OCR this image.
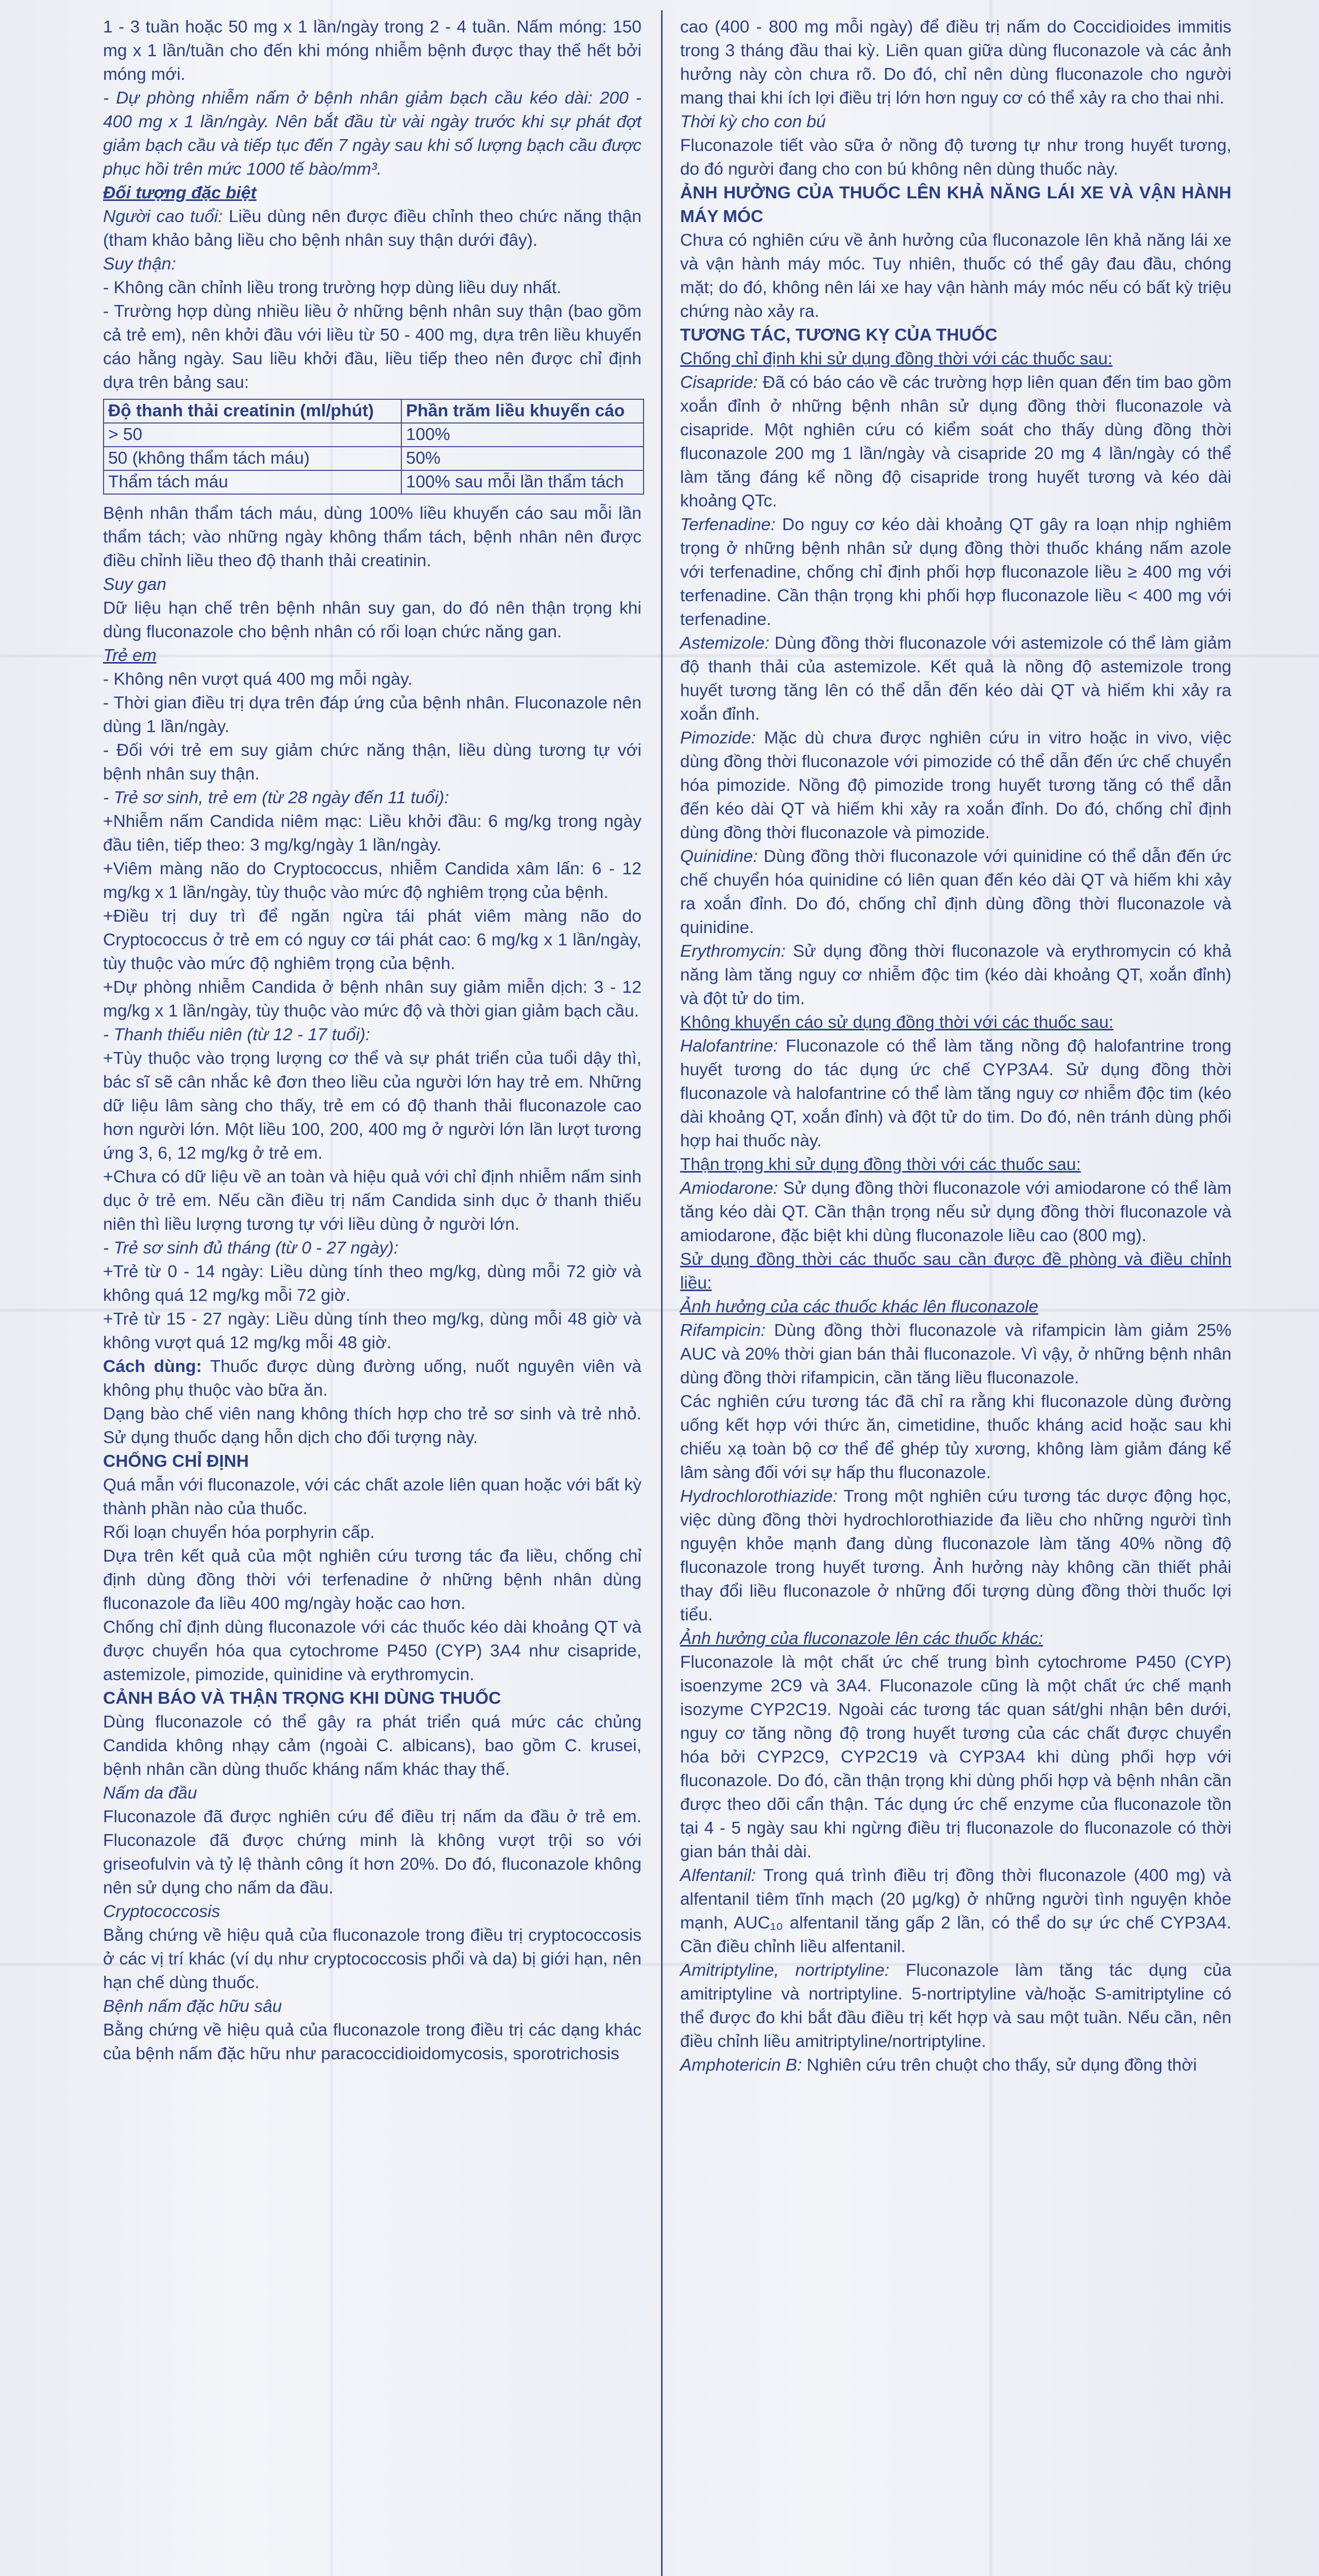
1 - 3 tuần hoặc 50 mg x 1 lần/ngày trong 2 - 4 tuần. Nấm móng: 150 mg x 1 lần/tuần cho đến khi móng nhiễm bệnh được thay thế hết bởi móng mới.

- Dự phòng nhiễm nấm ở bệnh nhân giảm bạch cầu kéo dài: 200 - 400 mg x 1 lần/ngày. Nên bắt đầu từ vài ngày trước khi sự phát đợt giảm bạch cầu và tiếp tục đến 7 ngày sau khi số lượng bạch cầu được phục hồi trên mức 1000 tế bào/mm³.

Đối tượng đặc biệt

Người cao tuổi: Liều dùng nên được điều chỉnh theo chức năng thận (tham khảo bảng liều cho bệnh nhân suy thận dưới đây).

Suy thận:

- Không cần chỉnh liều trong trường hợp dùng liều duy nhất.

- Trường hợp dùng nhiều liều ở những bệnh nhân suy thận (bao gồm cả trẻ em), nên khởi đầu với liều từ 50 - 400 mg, dựa trên liều khuyến cáo hằng ngày. Sau liều khởi đầu, liều tiếp theo nên được chỉ định dựa trên bảng sau:

Độ thanh thải creatinin (ml/phút)	Phần trăm liều khuyến cáo
> 50	100%
50 (không thẩm tách máu)	50%
Thẩm tách máu	100% sau mỗi lần thẩm tách

Bệnh nhân thẩm tách máu, dùng 100% liều khuyến cáo sau mỗi lần thẩm tách; vào những ngày không thẩm tách, bệnh nhân nên được điều chỉnh liều theo độ thanh thải creatinin.

Suy gan

Dữ liệu hạn chế trên bệnh nhân suy gan, do đó nên thận trọng khi dùng fluconazole cho bệnh nhân có rối loạn chức năng gan.

Trẻ em

- Không nên vượt quá 400 mg mỗi ngày.

- Thời gian điều trị dựa trên đáp ứng của bệnh nhân. Fluconazole nên dùng 1 lần/ngày.

- Đối với trẻ em suy giảm chức năng thận, liều dùng tương tự với bệnh nhân suy thận.

- Trẻ sơ sinh, trẻ em (từ 28 ngày đến 11 tuổi):

+Nhiễm nấm Candida niêm mạc: Liều khởi đầu: 6 mg/kg trong ngày đầu tiên, tiếp theo: 3 mg/kg/ngày 1 lần/ngày.

+Viêm màng não do Cryptococcus, nhiễm Candida xâm lấn: 6 - 12 mg/kg x 1 lần/ngày, tùy thuộc vào mức độ nghiêm trọng của bệnh.

+Điều trị duy trì để ngăn ngừa tái phát viêm màng não do Cryptococcus ở trẻ em có nguy cơ tái phát cao: 6 mg/kg x 1 lần/ngày, tùy thuộc vào mức độ nghiêm trọng của bệnh.

+Dự phòng nhiễm Candida ở bệnh nhân suy giảm miễn dịch: 3 - 12 mg/kg x 1 lần/ngày, tùy thuộc vào mức độ và thời gian giảm bạch cầu.

- Thanh thiếu niên (từ 12 - 17 tuổi):

+Tùy thuộc vào trọng lượng cơ thể và sự phát triển của tuổi dậy thì, bác sĩ sẽ cân nhắc kê đơn theo liều của người lớn hay trẻ em. Những dữ liệu lâm sàng cho thấy, trẻ em có độ thanh thải fluconazole cao hơn người lớn. Một liều 100, 200, 400 mg ở người lớn lần lượt tương ứng 3, 6, 12 mg/kg ở trẻ em.

+Chưa có dữ liệu về an toàn và hiệu quả với chỉ định nhiễm nấm sinh dục ở trẻ em. Nếu cần điều trị nấm Candida sinh dục ở thanh thiếu niên thì liều lượng tương tự với liều dùng ở người lớn.

- Trẻ sơ sinh đủ tháng (từ 0 - 27 ngày):

+Trẻ từ 0 - 14 ngày: Liều dùng tính theo mg/kg, dùng mỗi 72 giờ và không quá 12 mg/kg mỗi 72 giờ.

+Trẻ từ 15 - 27 ngày: Liều dùng tính theo mg/kg, dùng mỗi 48 giờ và không vượt quá 12 mg/kg mỗi 48 giờ.

Cách dùng: Thuốc được dùng đường uống, nuốt nguyên viên và không phụ thuộc vào bữa ăn.

Dạng bào chế viên nang không thích hợp cho trẻ sơ sinh và trẻ nhỏ. Sử dụng thuốc dạng hỗn dịch cho đối tượng này.

CHỐNG CHỈ ĐỊNH

Quá mẫn với fluconazole, với các chất azole liên quan hoặc với bất kỳ thành phần nào của thuốc.

Rối loạn chuyển hóa porphyrin cấp.

Dựa trên kết quả của một nghiên cứu tương tác đa liều, chống chỉ định dùng đồng thời với terfenadine ở những bệnh nhân dùng fluconazole đa liều 400 mg/ngày hoặc cao hơn.

Chống chỉ định dùng fluconazole với các thuốc kéo dài khoảng QT và được chuyển hóa qua cytochrome P450 (CYP) 3A4 như cisapride, astemizole, pimozide, quinidine và erythromycin.

CẢNH BÁO VÀ THẬN TRỌNG KHI DÙNG THUỐC

Dùng fluconazole có thể gây ra phát triển quá mức các chủng Candida không nhạy cảm (ngoài C. albicans), bao gồm C. krusei, bệnh nhân cần dùng thuốc kháng nấm khác thay thế.

Nấm da đầu

Fluconazole đã được nghiên cứu để điều trị nấm da đầu ở trẻ em. Fluconazole đã được chứng minh là không vượt trội so với griseofulvin và tỷ lệ thành công ít hơn 20%. Do đó, fluconazole không nên sử dụng cho nấm da đầu.

Cryptococcosis

Bằng chứng về hiệu quả của fluconazole trong điều trị cryptococcosis ở các vị trí khác (ví dụ như cryptococcosis phổi và da) bị giới hạn, nên hạn chế dùng thuốc.

Bệnh nấm đặc hữu sâu

Bằng chứng về hiệu quả của fluconazole trong điều trị các dạng khác của bệnh nấm đặc hữu như paracoccidioidomycosis, sporotrichosis

cao (400 - 800 mg mỗi ngày) để điều trị nấm do Coccidioides immitis trong 3 tháng đầu thai kỳ. Liên quan giữa dùng fluconazole và các ảnh hưởng này còn chưa rõ. Do đó, chỉ nên dùng fluconazole cho người mang thai khi ích lợi điều trị lớn hơn nguy cơ có thể xảy ra cho thai nhi.

Thời kỳ cho con bú

Fluconazole tiết vào sữa ở nồng độ tương tự như trong huyết tương, do đó người đang cho con bú không nên dùng thuốc này.

ẢNH HƯỞNG CỦA THUỐC LÊN KHẢ NĂNG LÁI XE VÀ VẬN HÀNH MÁY MÓC

Chưa có nghiên cứu về ảnh hưởng của fluconazole lên khả năng lái xe và vận hành máy móc. Tuy nhiên, thuốc có thể gây đau đầu, chóng mặt; do đó, không nên lái xe hay vận hành máy móc nếu có bất kỳ triệu chứng nào xảy ra.

TƯƠNG TÁC, TƯƠNG KỴ CỦA THUỐC

Chống chỉ định khi sử dụng đồng thời với các thuốc sau:

Cisapride: Đã có báo cáo về các trường hợp liên quan đến tim bao gồm xoắn đỉnh ở những bệnh nhân sử dụng đồng thời fluconazole và cisapride. Một nghiên cứu có kiểm soát cho thấy dùng đồng thời fluconazole 200 mg 1 lần/ngày và cisapride 20 mg 4 lần/ngày có thể làm tăng đáng kể nồng độ cisapride trong huyết tương và kéo dài khoảng QTc.

Terfenadine: Do nguy cơ kéo dài khoảng QT gây ra loạn nhịp nghiêm trọng ở những bệnh nhân sử dụng đồng thời thuốc kháng nấm azole với terfenadine, chống chỉ định phối hợp fluconazole liều ≥ 400 mg với terfenadine. Cần thận trọng khi phối hợp fluconazole liều < 400 mg với terfenadine.

Astemizole: Dùng đồng thời fluconazole với astemizole có thể làm giảm độ thanh thải của astemizole. Kết quả là nồng độ astemizole trong huyết tương tăng lên có thể dẫn đến kéo dài QT và hiếm khi xảy ra xoắn đỉnh.

Pimozide: Mặc dù chưa được nghiên cứu in vitro hoặc in vivo, việc dùng đồng thời fluconazole với pimozide có thể dẫn đến ức chế chuyển hóa pimozide. Nồng độ pimozide trong huyết tương tăng có thể dẫn đến kéo dài QT và hiếm khi xảy ra xoắn đỉnh. Do đó, chống chỉ định dùng đồng thời fluconazole và pimozide.

Quinidine: Dùng đồng thời fluconazole với quinidine có thể dẫn đến ức chế chuyển hóa quinidine có liên quan đến kéo dài QT và hiếm khi xảy ra xoắn đỉnh. Do đó, chống chỉ định dùng đồng thời fluconazole và quinidine.

Erythromycin: Sử dụng đồng thời fluconazole và erythromycin có khả năng làm tăng nguy cơ nhiễm độc tim (kéo dài khoảng QT, xoắn đỉnh) và đột tử do tim.

Không khuyến cáo sử dụng đồng thời với các thuốc sau:

Halofantrine: Fluconazole có thể làm tăng nồng độ halofantrine trong huyết tương do tác dụng ức chế CYP3A4. Sử dụng đồng thời fluconazole và halofantrine có thể làm tăng nguy cơ nhiễm độc tim (kéo dài khoảng QT, xoắn đỉnh) và đột tử do tim. Do đó, nên tránh dùng phối hợp hai thuốc này.

Thận trọng khi sử dụng đồng thời với các thuốc sau:

Amiodarone: Sử dụng đồng thời fluconazole với amiodarone có thể làm tăng kéo dài QT. Cần thận trọng nếu sử dụng đồng thời fluconazole và amiodarone, đặc biệt khi dùng fluconazole liều cao (800 mg).

Sử dụng đồng thời các thuốc sau cần được đề phòng và điều chỉnh liều:

Ảnh hưởng của các thuốc khác lên fluconazole

Rifampicin: Dùng đồng thời fluconazole và rifampicin làm giảm 25% AUC và 20% thời gian bán thải fluconazole. Vì vậy, ở những bệnh nhân dùng đồng thời rifampicin, cần tăng liều fluconazole.

Các nghiên cứu tương tác đã chỉ ra rằng khi fluconazole dùng đường uống kết hợp với thức ăn, cimetidine, thuốc kháng acid hoặc sau khi chiếu xạ toàn bộ cơ thể để ghép tủy xương, không làm giảm đáng kể lâm sàng đối với sự hấp thu fluconazole.

Hydrochlorothiazide: Trong một nghiên cứu tương tác dược động học, việc dùng đồng thời hydrochlorothiazide đa liều cho những người tình nguyện khỏe mạnh đang dùng fluconazole làm tăng 40% nồng độ fluconazole trong huyết tương. Ảnh hưởng này không cần thiết phải thay đổi liều fluconazole ở những đối tượng dùng đồng thời thuốc lợi tiểu.

Ảnh hưởng của fluconazole lên các thuốc khác:

Fluconazole là một chất ức chế trung bình cytochrome P450 (CYP) isoenzyme 2C9 và 3A4. Fluconazole cũng là một chất ức chế mạnh isozyme CYP2C19. Ngoài các tương tác quan sát/ghi nhận bên dưới, nguy cơ tăng nồng độ trong huyết tương của các chất được chuyển hóa bởi CYP2C9, CYP2C19 và CYP3A4 khi dùng phối hợp với fluconazole. Do đó, cần thận trọng khi dùng phối hợp và bệnh nhân cần được theo dõi cẩn thận. Tác dụng ức chế enzyme của fluconazole tồn tại 4 - 5 ngày sau khi ngừng điều trị fluconazole do fluconazole có thời gian bán thải dài.

Alfentanil: Trong quá trình điều trị đồng thời fluconazole (400 mg) và alfentanil tiêm tĩnh mạch (20 µg/kg) ở những người tình nguyện khỏe mạnh, AUC₁₀ alfentanil tăng gấp 2 lần, có thể do sự ức chế CYP3A4. Cần điều chỉnh liều alfentanil.

Amitriptyline, nortriptyline: Fluconazole làm tăng tác dụng của amitriptyline và nortriptyline. 5-nortriptyline và/hoặc S-amitriptyline có thể được đo khi bắt đầu điều trị kết hợp và sau một tuần. Nếu cần, nên điều chỉnh liều amitriptyline/nortriptyline.

Amphotericin B: Nghiên cứu trên chuột cho thấy, sử dụng đồng thời
